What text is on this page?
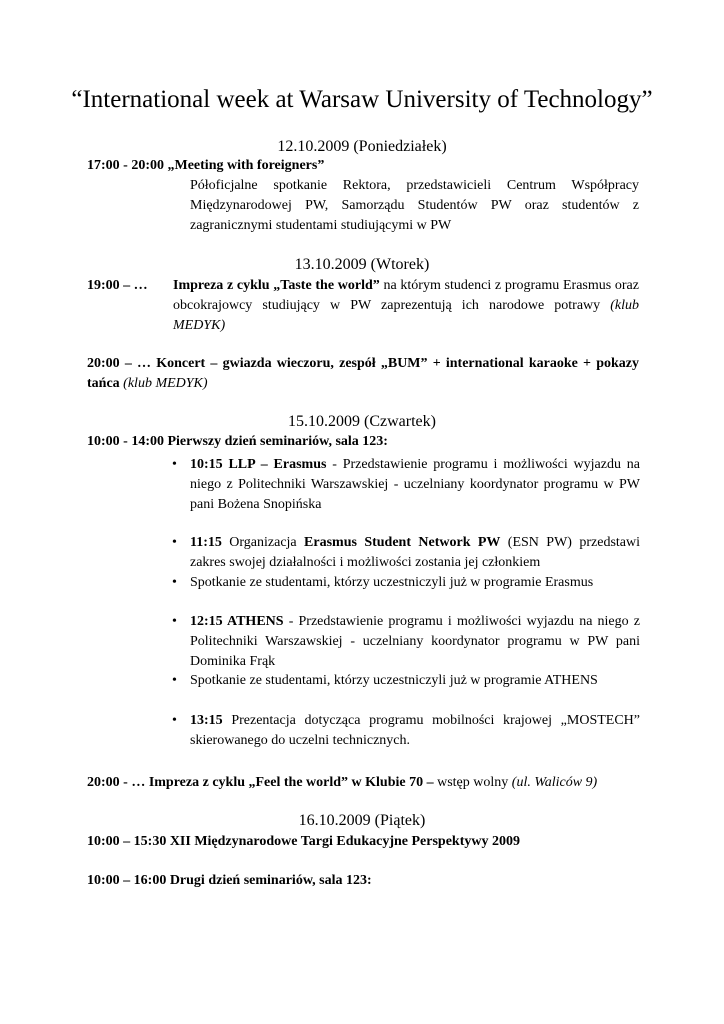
“International week at Warsaw University of Technology”
12.10.2009 (Poniedziałek)
17:00 - 20:00 „Meeting with foreigners”
Półoficjalne spotkanie Rektora, przedstawicieli Centrum Współpracy Międzynarodowej PW, Samorządu Studentów PW oraz studentów z zagranicznymi studentami studiującymi w PW
13.10.2009 (Wtorek)
19:00 – … Impreza z cyklu „Taste the world” na którym studenci z programu Erasmus oraz obcokrajowcy studiujący w PW zaprezentują ich narodowe potrawy (klub MEDYK)
20:00 – … Koncert – gwiazda wieczoru, zespół „BUM” + international karaoke + pokazy tańca (klub MEDYK)
15.10.2009 (Czwartek)
10:00 - 14:00 Pierwszy dzień seminariów, sala 123:
• 10:15 LLP – Erasmus - Przedstawienie programu i możliwości wyjazdu na niego z Politechniki Warszawskiej - uczelniany koordynator programu w PW pani Bożena Snopińska
• 11:15 Organizacja Erasmus Student Network PW (ESN PW) przedstawi zakres swojej działalności i możliwości zostania jej członkiem
• Spotkanie ze studentami, którzy uczestniczyli już w programie Erasmus
• 12:15 ATHENS - Przedstawienie programu i możliwości wyjazdu na niego z Politechniki Warszawskiej - uczelniany koordynator programu w PW pani Dominika Frąk
• Spotkanie ze studentami, którzy uczestniczyli już w programie ATHENS
• 13:15 Prezentacja dotycząca programu mobilności krajowej „MOSTECH” skierowanego do uczelni technicznych.
20:00 - … Impreza z cyklu „Feel the world” w Klubie 70 – wstęp wolny (ul. Waliców 9)
16.10.2009 (Piątek)
10:00 – 15:30 XII Międzynarodowe Targi Edukacyjne Perspektywy 2009
10:00 – 16:00 Drugi dzień seminariów, sala 123:
